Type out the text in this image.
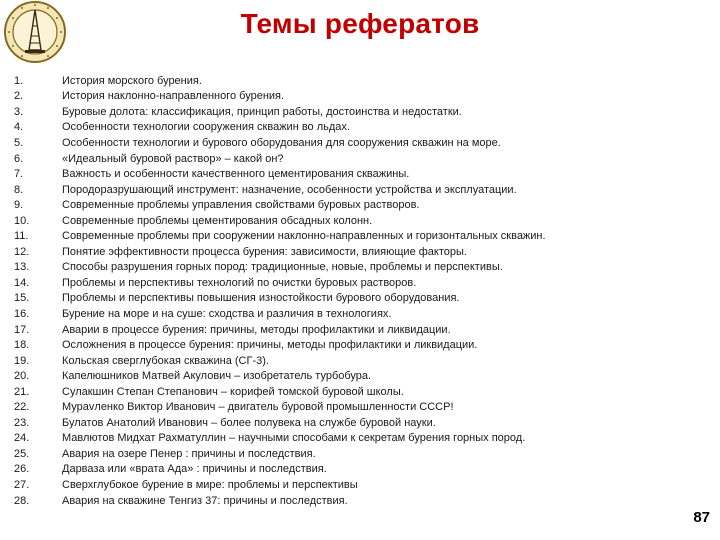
Темы рефератов
1.	История морского бурения.
2.	История наклонно-направленного бурения.
3.	Буровые долота: классификация, принцип работы, достоинства и недостатки.
4.	Особенности технологии сооружения скважин во льдах.
5.	Особенности технологии и бурового оборудования для сооружения скважин на море.
6.	«Идеальный буровой раствор» – какой он?
7.	Важность и особенности качественного цементирования скважины.
8.	Породоразрушающий инструмент: назначение, особенности устройства и эксплуатации.
9.	Современные проблемы управления свойствами буровых растворов.
10.	Современные проблемы цементирования обсадных колонн.
11.	Современные проблемы при сооружении наклонно-направленных и горизонтальных скважин.
12.	Понятие эффективности процесса бурения: зависимости, влияющие факторы.
13.	Способы разрушения горных пород: традиционные, новые, проблемы и перспективы.
14.	Проблемы и перспективы технологий по очистки буровых растворов.
15.	Проблемы и перспективы повышения изностойкости бурового оборудования.
16.	Бурение на море и на суше: сходства и различия в технологиях.
17.	Аварии в процессе бурения: причины, методы профилактики и ликвидации.
18.	Осложнения в процессе бурения: причины, методы профилактики и ликвидации.
19.	Кольская сверглубокая скважина (СГ-3).
20.	Капелюшников Матвей Акулович – изобретатель турбобура.
21.	Сулакшин Степан Степанович – корифей томской буровой школы.
22.	Мурavленко Виктор Иванович – двигатель буровой промышленности СССР!
23.	Булатов Анатолий Иванович – более полувека на службе буровой науки.
24.	Мавлютов Мидхат Рахматуллин – научными способами к секретам бурения горных пород.
25.	Авария на озере Пенер : причины и последствия.
26.	Дарваза или «врата Ада» : причины и последствия.
27.	Сверхглубокое бурение в мире: проблемы и перспективы
28.	Авария на скважине Тенгиз 37: причины и последствия.
87
